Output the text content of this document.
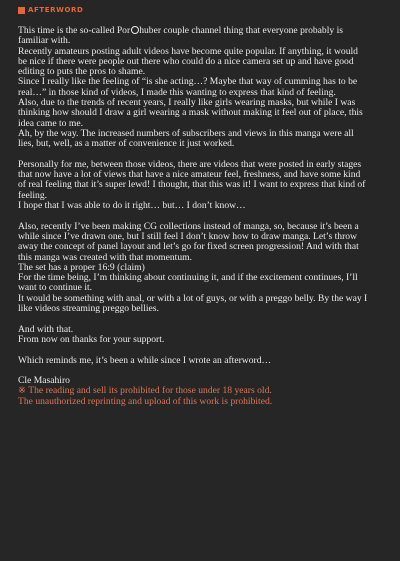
AFTERWORD

This time is the so-called Por huber couple channel thing that everyone probably is familiar with.

Recently amateurs posting adult videos have become quite popular. If anything, it would be nice if there were people out there who could do a nice camera set up and have good editing to puts the pros to shame.

Since I really like the feeling of “is she acting…? Maybe that way of cumming has to be real…” in those kind of videos, I made this wanting to express that kind of feeling.

Also, due to the trends of recent years, I really like girls wearing masks, but while I was thinking how should I draw a girl wearing a mask without making it feel out of place, this idea came to me.

Ah, by the way. The increased numbers of subscribers and views in this manga were all lies, but, well, as a matter of convenience it just worked.

Personally for me, between those videos, there are videos that were posted in early stages that now have a lot of views that have a nice amateur feel, freshness, and have some kind of real feeling that it’s super lewd! I thought, that this was it! I want to express that kind of feeling.

I hope that I was able to do it right… but… I don’t know…

Also, recently I’ve been making CG collections instead of manga, so, because it’s been a while since I’ve drawn one, but I still feel I don’t know how to draw manga. Let’s throw away the concept of panel layout and let’s go for fixed screen progression! And with that this manga was created with that momentum.

The set has a proper 16:9 (claim)

For the time being, I’m thinking about continuing it, and if the excitement continues, I’ll want to continue it.

It would be something with anal, or with a lot of guys, or with a preggo belly. By the way I like videos streaming preggo bellies.

And with that.

From now on thanks for your support.

Which reminds me, it’s been a while since I wrote an afterword…

Cle Masahiro

※ The reading and sell its prohibited for those under 18 years old.

The unauthorized reprinting and upload of this work is prohibited.
